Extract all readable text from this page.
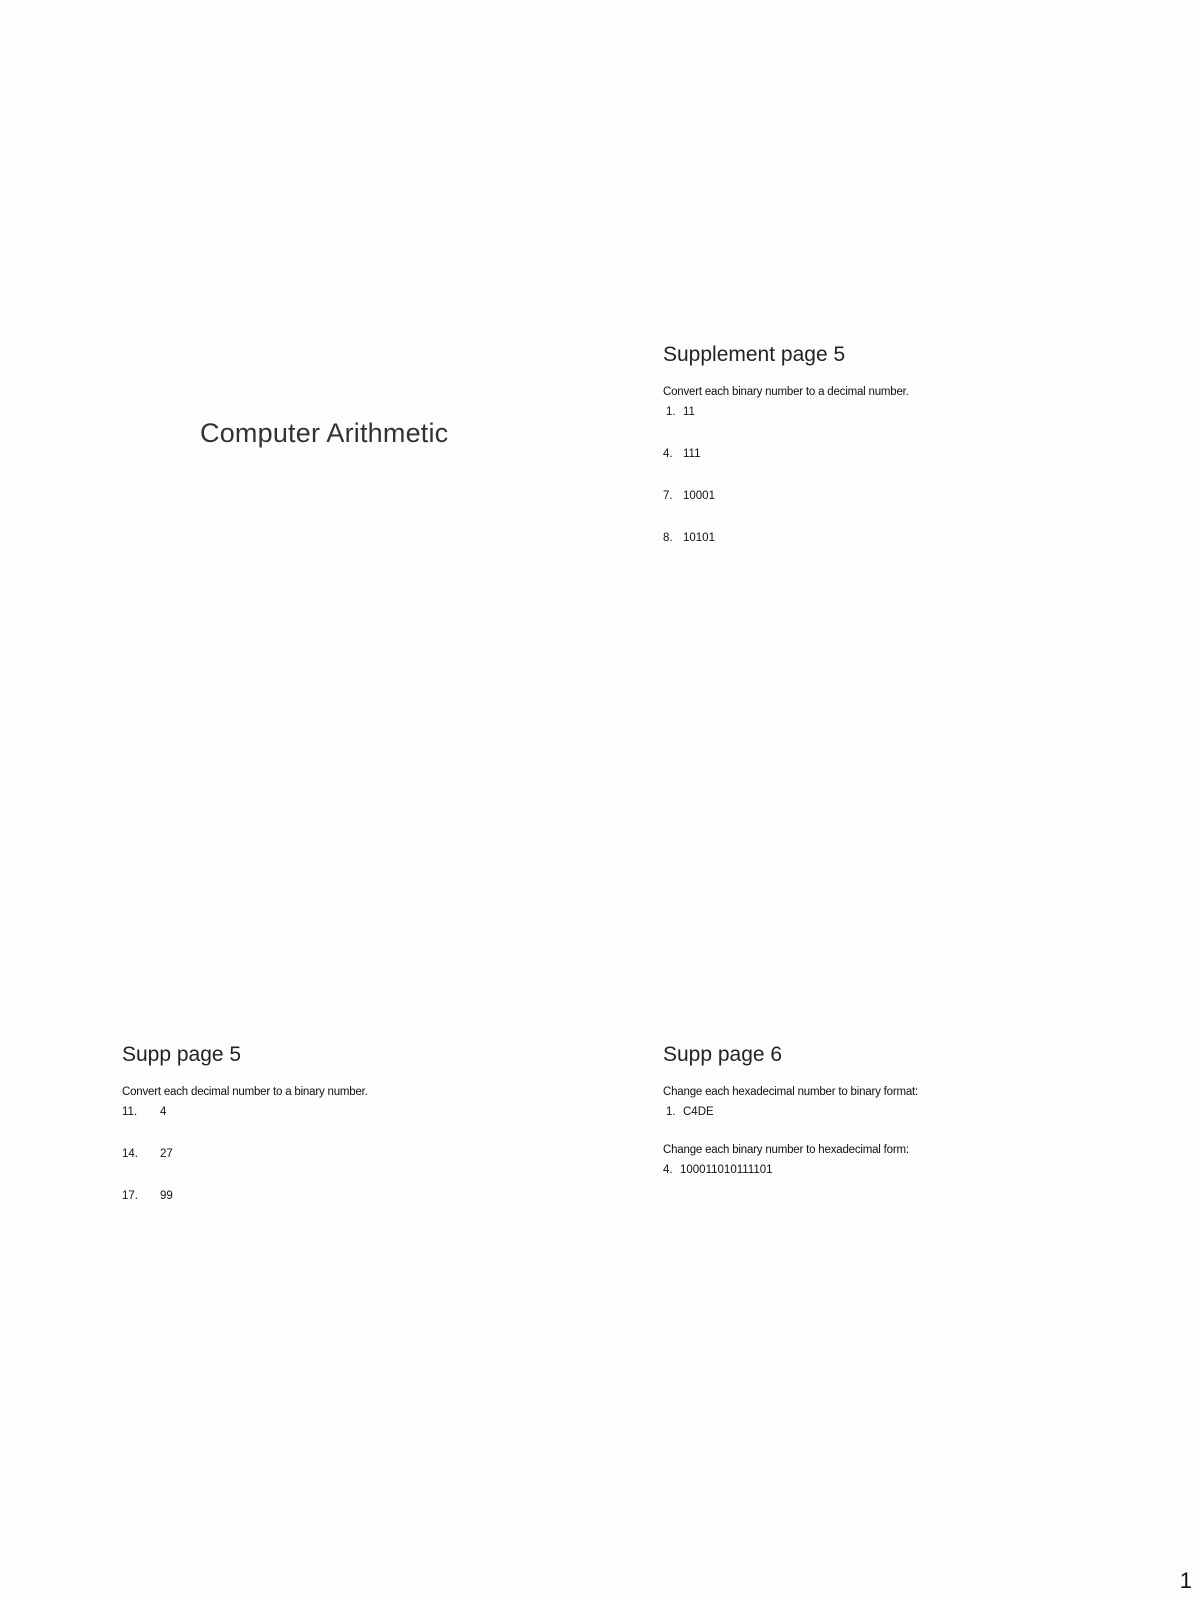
Computer Arithmetic
Supplement page 5

Convert each binary number to a decimal number.

1. 11
4. 111
7. 10001
8. 10101
Supp page 5

Convert each decimal number to a binary number.

11. 4
14. 27
17. 99
Supp page 6

Change each hexadecimal number to binary format:

1. C4DE

Change each binary number to hexadecimal form:

4. 100011010111101

1
